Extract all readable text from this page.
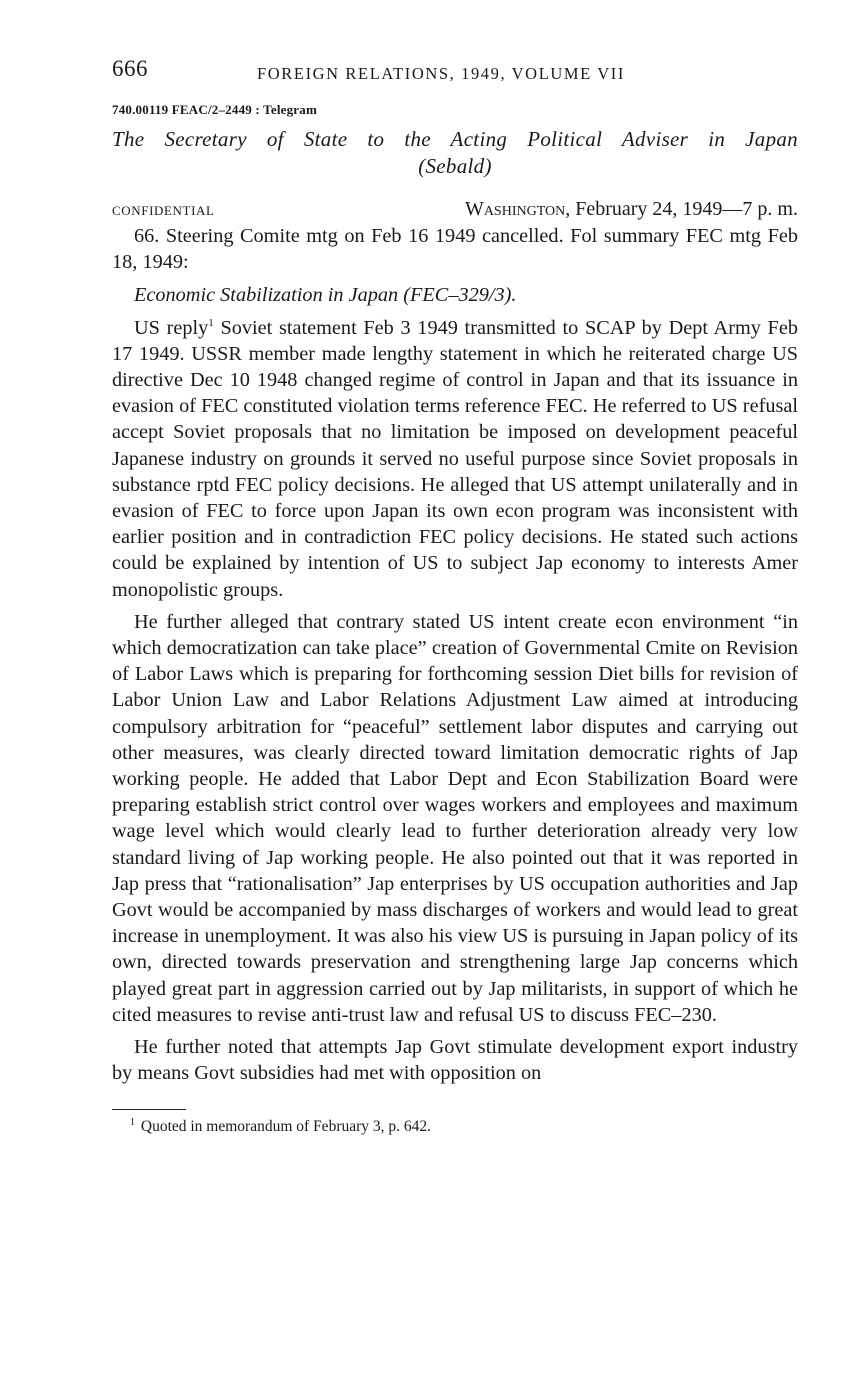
666	FOREIGN RELATIONS, 1949, VOLUME VII
740.00119 FEAC/2–2449 : Telegram
The Secretary of State to the Acting Political Adviser in Japan
(Sebald)
CONFIDENTIAL	Washington, February 24, 1949—7 p. m.

66. Steering Comite mtg on Feb 16 1949 cancelled. Fol summary FEC mtg Feb 18, 1949:

Economic Stabilization in Japan (FEC–329/3).

US reply$^1$ Soviet statement Feb 3 1949 transmitted to SCAP by Dept Army Feb 17 1949. USSR member made lengthy statement in which he reiterated charge US directive Dec 10 1948 changed regime of control in Japan and that its issuance in evasion of FEC constituted violation terms reference FEC. He referred to US refusal accept Soviet proposals that no limitation be imposed on development peaceful Japanese industry on grounds it served no useful purpose since Soviet proposals in substance rptd FEC policy decisions. He alleged that US attempt unilaterally and in evasion of FEC to force upon Japan its own econ program was inconsistent with earlier position and in contradiction FEC policy decisions. He stated such actions could be explained by intention of US to subject Jap economy to interests Amer monopolistic groups.

He further alleged that contrary stated US intent create econ environment “in which democratization can take place” creation of Governmental Cmite on Revision of Labor Laws which is preparing for forthcoming session Diet bills for revision of Labor Union Law and Labor Relations Adjustment Law aimed at introducing compulsory arbitration for “peaceful” settlement labor disputes and carrying out other measures, was clearly directed toward limitation democratic rights of Jap working people. He added that Labor Dept and Econ Stabilization Board were preparing establish strict control over wages workers and employees and maximum wage level which would clearly lead to further deterioration already very low standard living of Jap working people. He also pointed out that it was reported in Jap press that “rationalisation” Jap enterprises by US occupation authorities and Jap Govt would be accompanied by mass discharges of workers and would lead to great increase in unemployment. It was also his view US is pursuing in Japan policy of its own, directed towards preservation and strengthening large Jap concerns which played great part in aggression carried out by Jap militarists, in support of which he cited measures to revise anti-trust law and refusal US to discuss FEC–230.

He further noted that attempts Jap Govt stimulate development export industry by means Govt subsidies had met with opposition on

$^1$ Quoted in memorandum of February 3, p. 642.
